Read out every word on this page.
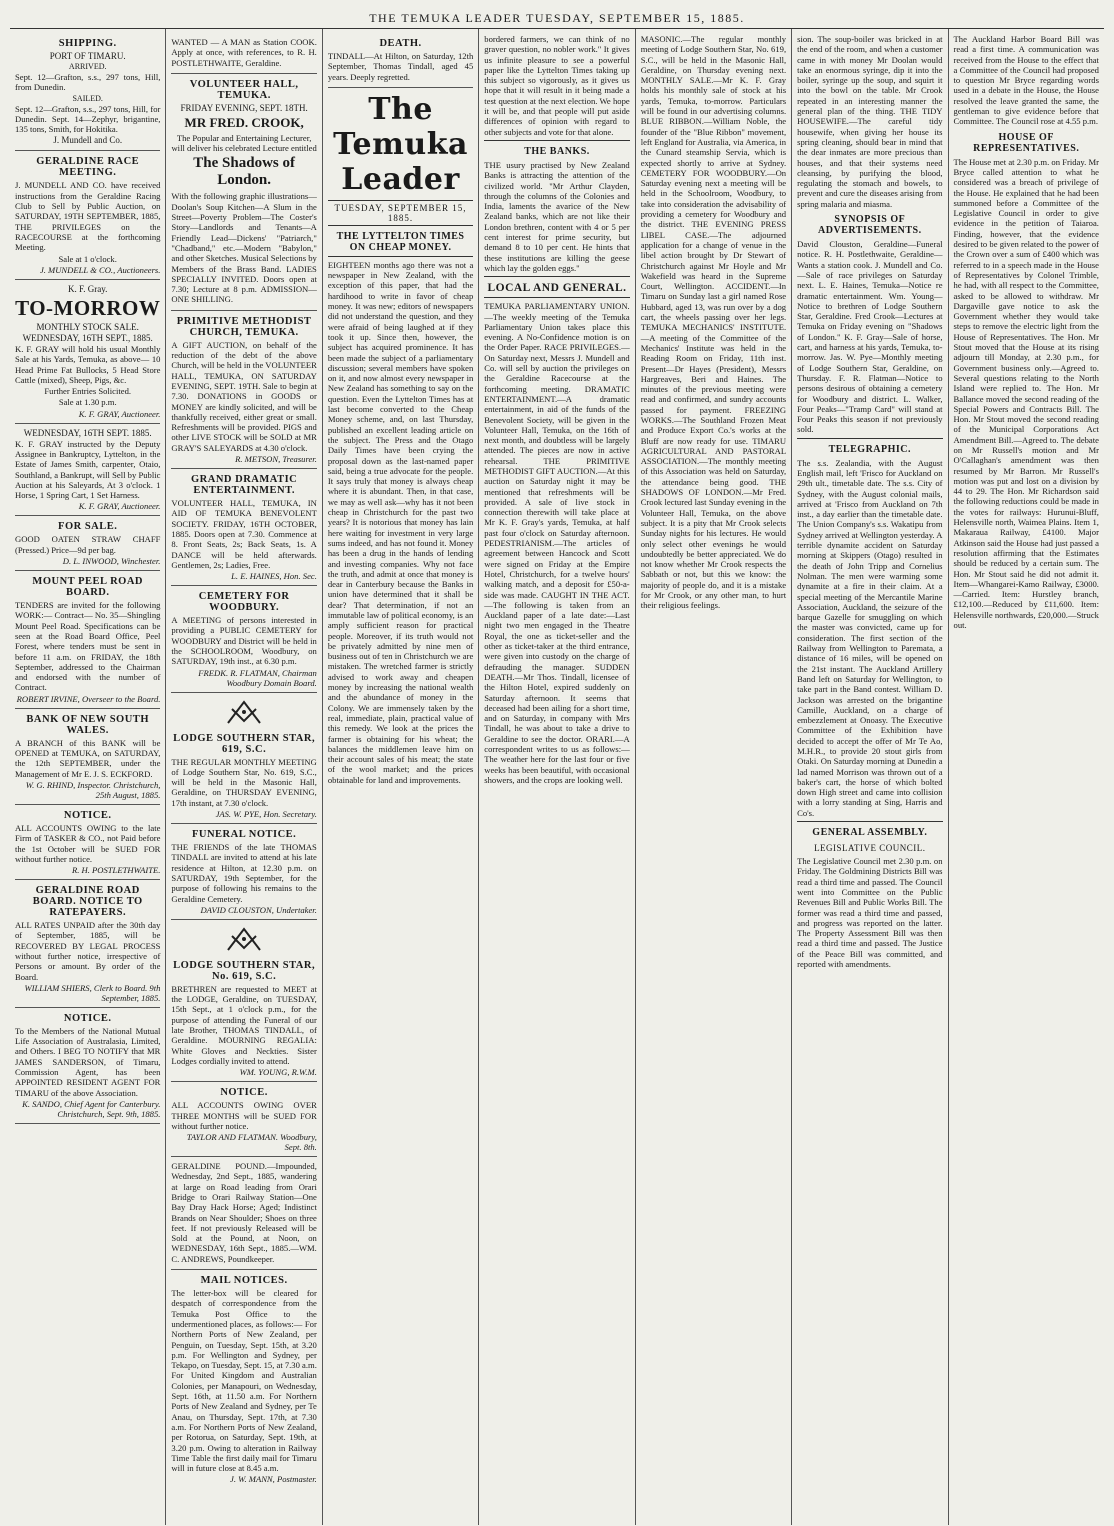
THE TEMUKA LEADER TUESDAY, SEPTEMBER 15, 1885.
SHIPPING.
PORT OF TIMARU.
ARRIVED.

Sept. 12—Grafton, s.s., 297 tons, Hill, from Dunedin.

SAILED.

Sept. 12—Grafton, s.s., 297 tons, Hill, for Dunedin. Sept. 14—Zephyr, brigantine, 135 tons, Smith, for Hokitika.

J. Mundell and Co.
GERALDINE RACE MEETING.

J. MUNDELL AND CO. have received instructions from the Geraldine Racing Club to Sell by Public Auction, on SATURDAY, 19TH SEPTEMBER, 1885, THE PRIVILEGES on the RACECOURSE at the forthcoming Meeting.

Sale at 1 o'clock.

J. MUNDELL & CO., Auctioneers.
K. F. Gray.
TO-MORROW
MONTHLY STOCK SALE.
WEDNESDAY, 16TH SEPT., 1885.

K. F. GRAY will hold his usual Monthly Sale at his Yards, Temuka, as above— 10 Head Prime Fat Bullocks, 5 Head Store Cattle (mixed), Sheep, Pigs, &c.

Further Entries Solicited.

Sale at 1.30 p.m.

K. F. GRAY, Auctioneer.
WEDNESDAY, 16TH SEPT. 1885.

K. F. GRAY instructed by the Deputy Assignee in Bankruptcy, Lyttelton, in the Estate of James Smith, carpenter, Otaio, Southland, a Bankrupt, will Sell by Public Auction at his Saleyards, At 3 o'clock. 1 Horse, 1 Spring Cart, 1 Set Harness.

K. F. GRAY, Auctioneer.
FOR SALE.

GOOD OATEN STRAW CHAFF (Pressed.) Price—9d per bag.

D. L. INWOOD, Winchester.
MOUNT PEEL ROAD BOARD.

TENDERS are invited for the following WORK:— Contract— No. 35—Shingling Mount Peel Road. Specifications can be seen at the Road Board Office, Peel Forest, where tenders must be sent in before 11 a.m. on FRIDAY, the 18th September, addressed to the Chairman and endorsed with the number of Contract.

ROBERT IRVINE, Overseer to the Board.
BANK OF NEW SOUTH WALES.

A BRANCH of this BANK will be OPENED at TEMUKA, on SATURDAY, the 12th SEPTEMBER, under the Management of Mr E. J. S. ECKFORD.

W. G. RHIND, Inspector. Christchurch, 25th August, 1885.
NOTICE.

ALL ACCOUNTS OWING to the late Firm of TASKER & CO., not Paid before the 1st October will be SUED FOR without further notice.

R. H. POSTLETHWAITE.
GERALDINE ROAD BOARD. NOTICE TO RATEPAYERS.

ALL RATES UNPAID after the 30th day of September, 1885, will be RECOVERED BY LEGAL PROCESS without further notice, irrespective of Persons or amount. By order of the Board.

WILLIAM SHIERS, Clerk to Board. 9th September, 1885.
NOTICE.

To the Members of the National Mutual Life Association of Australasia, Limited, and Others. I BEG TO NOTIFY that MR JAMES SANDERSON, of Timaru, Commission Agent, has been APPOINTED RESIDENT AGENT FOR TIMARU of the above Association.

K. SANDO, Chief Agent for Canterbury. Christchurch, Sept. 9th, 1885.

WANTED — A MAN as Station COOK. Apply at once, with references, to R. H. POSTLETHWAITE, Geraldine.

VOLUNTEER HALL, TEMUKA.
FRIDAY EVENING, SEPT. 18TH.
MR FRED. CROOK,

The Popular and Entertaining Lecturer, will deliver his celebrated Lecture entitled

The Shadows of London.

With the following graphic illustrations— Doolan's Soup Kitchen—A Slum in the Street—Poverty Problem—The Coster's Story—Landlords and Tenants—A Friendly Lead—Dickens' "Patriarch," "Chadband," etc.—Modern "Babylon," and other Sketches. Musical Selections by Members of the Brass Band. LADIES SPECIALLY INVITED. Doors open at 7.30; Lecture at 8 p.m. ADMISSION—ONE SHILLING.

PRIMITIVE METHODIST CHURCH, TEMUKA.

A GIFT AUCTION, on behalf of the reduction of the debt of the above Church, will be held in the VOLUNTEER HALL, TEMUKA, ON SATURDAY EVENING, SEPT. 19TH. Sale to begin at 7.30. DONATIONS in GOODS or MONEY are kindly solicited, and will be thankfully received, either great or small. Refreshments will be provided. PIGS and other LIVE STOCK will be SOLD at MR GRAY'S SALEYARDS at 4.30 o'clock.

R. METSON, Treasurer.
GRAND DRAMATIC ENTERTAINMENT.

VOLUNTEER HALL, TEMUKA, IN AID OF TEMUKA BENEVOLENT SOCIETY. FRIDAY, 16TH OCTOBER, 1885. Doors open at 7.30. Commence at 8. Front Seats, 2s; Back Seats, 1s. A DANCE will be held afterwards. Gentlemen, 2s; Ladies, Free.

L. E. HAINES, Hon. Sec.
CEMETERY FOR WOODBURY.

A MEETING of persons interested in providing a PUBLIC CEMETERY for WOODBURY and District will be held in the SCHOOLROOM, Woodbury, on SATURDAY, 19th inst., at 6.30 p.m.

FREDK. R. FLATMAN, Chairman Woodbury Domain Board.
LODGE SOUTHERN STAR, 619, S.C.

THE REGULAR MONTHLY MEETING of Lodge Southern Star, No. 619, S.C., will be held in the Masonic Hall, Geraldine, on THURSDAY EVENING, 17th instant, at 7.30 o'clock.

JAS. W. PYE, Hon. Secretary.
FUNERAL NOTICE.

THE FRIENDS of the late THOMAS TINDALL are invited to attend at his late residence at Hilton, at 12.30 p.m. on SATURDAY, 19th September, for the purpose of following his remains to the Geraldine Cemetery.

DAVID CLOUSTON, Undertaker.
LODGE SOUTHERN STAR, No. 619, S.C.

BRETHREN are requested to MEET at the LODGE, Geraldine, on TUESDAY, 15th Sept., at 1 o'clock p.m., for the purpose of attending the Funeral of our late Brother, THOMAS TINDALL, of Geraldine. MOURNING REGALIA: White Gloves and Neckties. Sister Lodges cordially invited to attend.

WM. YOUNG, R.W.M.
NOTICE.

ALL ACCOUNTS OWING OVER THREE MONTHS will be SUED FOR without further notice.

TAYLOR AND FLATMAN. Woodbury, Sept. 8th.

GERALDINE POUND.—Impounded, Wednesday, 2nd Sept., 1885, wandering at large on Road leading from Orari Bridge to Orari Railway Station—One Bay Dray Hack Horse; Aged; Indistinct Brands on Near Shoulder; Shoes on three feet. If not previously Released will be Sold at the Pound, at Noon, on WEDNESDAY, 16th Sept., 1885.—WM. C. ANDREWS, Poundkeeper.

MAIL NOTICES.

The letter-box will be cleared for despatch of correspondence from the Temuka Post Office to the undermentioned places, as follows:— For Northern Ports of New Zealand, per Penguin, on Tuesday, Sept. 15th, at 3.20 p.m. For Wellington and Sydney, per Tekapo, on Tuesday, Sept. 15, at 7.30 a.m. For United Kingdom and Australian Colonies, per Manapouri, on Wednesday, Sept. 16th, at 11.50 a.m. For Northern Ports of New Zealand and Sydney, per Te Anau, on Thursday, Sept. 17th, at 7.30 a.m. For Northern Ports of New Zealand, per Rotorua, on Saturday, Sept. 19th, at 3.20 p.m. Owing to alteration in Railway Time Table the first daily mail for Timaru will in future close at 8.45 a.m.

J. W. MANN, Postmaster.
DEATH.

TINDALL—At Hilton, on Saturday, 12th September, Thomas Tindall, aged 45 years. Deeply regretted.

The Temuka Leader
TUESDAY, SEPTEMBER 15, 1885.
THE LYTTELTON TIMES ON CHEAP MONEY.

EIGHTEEN months ago there was not a newspaper in New Zealand, with the exception of this paper, that had the hardihood to write in favor of cheap money. It was new; editors of newspapers did not understand the question, and they were afraid of being laughed at if they took it up. Since then, however, the subject has acquired prominence. It has been made the subject of a parliamentary discussion; several members have spoken on it, and now almost every newspaper in New Zealand has something to say on the question. Even the Lyttelton Times has at last become converted to the Cheap Money scheme, and, on last Thursday, published an excellent leading article on the subject. The Press and the Otago Daily Times have been crying the proposal down as the last-named paper said, being a true advocate for the people. It says truly that money is always cheap where it is abundant. Then, in that case, we may as well ask—why has it not been cheap in Christchurch for the past two years? It is notorious that money has lain here waiting for investment in very large sums indeed, and has not found it. Money has been a drug in the hands of lending and investing companies. Why not face the truth, and admit at once that money is dear in Canterbury because the Banks in union have determined that it shall be dear? That determination, if not an immutable law of political economy, is an amply sufficient reason for practical people. Moreover, if its truth would not be privately admitted by nine men of business out of ten in Christchurch we are mistaken. The wretched farmer is strictly advised to work away and cheapen money by increasing the national wealth and the abundance of money in the Colony. We are immensely taken by the real, immediate, plain, practical value of this remedy. We look at the prices the farmer is obtaining for his wheat; the balances the middlemen leave him on their account sales of his meat; the state of the wool market; and the prices obtainable for land and improvements.

bordered farmers, we can think of no graver question, no nobler work." It gives us infinite pleasure to see a powerful paper like the Lyttelton Times taking up this subject so vigorously, as it gives us hope that it will result in it being made a test question at the next election. We hope it will be, and that people will put aside differences of opinion with regard to other subjects and vote for that alone.

THE BANKS.

THE usury practised by New Zealand Banks is attracting the attention of the civilized world. "Mr Arthur Clayden, through the columns of the Colonies and India, laments the avarice of the New Zealand banks, which are not like their London brethren, content with 4 or 5 per cent interest for prime security, but demand 8 to 10 per cent. He hints that these institutions are killing the geese which lay the golden eggs."

LOCAL AND GENERAL.

TEMUKA PARLIAMENTARY UNION.—The weekly meeting of the Temuka Parliamentary Union takes place this evening. A No-Confidence motion is on the Order Paper. RACE PRIVILEGES.—On Saturday next, Messrs J. Mundell and Co. will sell by auction the privileges on the Geraldine Racecourse at the forthcoming meeting. DRAMATIC ENTERTAINMENT.—A dramatic entertainment, in aid of the funds of the Benevolent Society, will be given in the Volunteer Hall, Temuka, on the 16th of next month, and doubtless will be largely attended. The pieces are now in active rehearsal. THE PRIMITIVE METHODIST GIFT AUCTION.—At this auction on Saturday night it may be mentioned that refreshments will be provided. A sale of live stock in connection therewith will take place at Mr K. F. Gray's yards, Temuka, at half past four o'clock on Saturday afternoon. PEDESTRIANISM.—The articles of agreement between Hancock and Scott were signed on Friday at the Empire Hotel, Christchurch, for a twelve hours' walking match, and a deposit for £50-a-side was made. CAUGHT IN THE ACT.—The following is taken from an Auckland paper of a late date:—Last night two men engaged in the Theatre Royal, the one as ticket-seller and the other as ticket-taker at the third entrance, were given into custody on the charge of defrauding the manager. SUDDEN DEATH.—Mr Thos. Tindall, licensee of the Hilton Hotel, expired suddenly on Saturday afternoon. It seems that deceased had been ailing for a short time, and on Saturday, in company with Mrs Tindall, he was about to take a drive to Geraldine to see the doctor. ORARI.—A correspondent writes to us as follows:—The weather here for the last four or five weeks has been beautiful, with occasional showers, and the crops are looking well.

MASONIC.—The regular monthly meeting of Lodge Southern Star, No. 619, S.C., will be held in the Masonic Hall, Geraldine, on Thursday evening next. MONTHLY SALE.—Mr K. F. Gray holds his monthly sale of stock at his yards, Temuka, to-morrow. Particulars will be found in our advertising columns. BLUE RIBBON.—William Noble, the founder of the "Blue Ribbon" movement, left England for Australia, via America, in the Cunard steamship Servia, which is expected shortly to arrive at Sydney. CEMETERY FOR WOODBURY.—On Saturday evening next a meeting will be held in the Schoolroom, Woodbury, to take into consideration the advisability of providing a cemetery for Woodbury and the district. THE EVENING PRESS LIBEL CASE.—The adjourned application for a change of venue in the libel action brought by Dr Stewart of Christchurch against Mr Hoyle and Mr Wakefield was heard in the Supreme Court, Wellington. ACCIDENT.—In Timaru on Sunday last a girl named Rose Hubbard, aged 13, was run over by a dog cart, the wheels passing over her legs. TEMUKA MECHANICS' INSTITUTE.—A meeting of the Committee of the Mechanics' Institute was held in the Reading Room on Friday, 11th inst. Present—Dr Hayes (President), Messrs Hargreaves, Beri and Haines. The minutes of the previous meeting were read and confirmed, and sundry accounts passed for payment. FREEZING WORKS.—The Southland Frozen Meat and Produce Export Co.'s works at the Bluff are now ready for use. TIMARU AGRICULTURAL AND PASTORAL ASSOCIATION.—The monthly meeting of this Association was held on Saturday, the attendance being good. THE SHADOWS OF LONDON.—Mr Fred. Crook lectured last Sunday evening in the Volunteer Hall, Temuka, on the above subject. It is a pity that Mr Crook selects Sunday nights for his lectures. He would only select other evenings he would undoubtedly be better appreciated. We do not know whether Mr Crook respects the Sabbath or not, but this we know: the majority of people do, and it is a mistake for Mr Crook, or any other man, to hurt their religious feelings.

sion. The soup-boiler was bricked in at the end of the room, and when a customer came in with money Mr Doolan would take an enormous syringe, dip it into the boiler, syringe up the soup, and squirt it into the bowl on the table. Mr Crook repeated in an interesting manner the general plan of the thing. THE TIDY HOUSEWIFE.—The careful tidy housewife, when giving her house its spring cleaning, should bear in mind that the dear inmates are more precious than houses, and that their systems need cleansing, by purifying the blood, regulating the stomach and bowels, to prevent and cure the diseases arising from spring malaria and miasma.

SYNOPSIS OF ADVERTISEMENTS.

David Clouston, Geraldine—Funeral notice. R. H. Postlethwaite, Geraldine—Wants a station cook. J. Mundell and Co.—Sale of race privileges on Saturday next. L. E. Haines, Temuka—Notice re dramatic entertainment. Wm. Young—Notice to brethren of Lodge Southern Star, Geraldine. Fred Crook—Lectures at Temuka on Friday evening on "Shadows of London." K. F. Gray—Sale of horse, cart, and harness at his yards, Temuka, to-morrow. Jas. W. Pye—Monthly meeting of Lodge Southern Star, Geraldine, on Thursday. F. R. Flatman—Notice to persons desirous of obtaining a cemetery for Woodbury and district. L. Walker, Four Peaks—"Tramp Card" will stand at Four Peaks this season if not previously sold.

TELEGRAPHIC.

The s.s. Zealandia, with the August English mail, left 'Frisco for Auckland on 29th ult., timetable date. The s.s. City of Sydney, with the August colonial mails, arrived at 'Frisco from Auckland on 7th inst., a day earlier than the timetable date. The Union Company's s.s. Wakatipu from Sydney arrived at Wellington yesterday. A terrible dynamite accident on Saturday morning at Skippers (Otago) resulted in the death of John Tripp and Cornelius Nolman. The men were warming some dynamite at a fire in their claim. At a special meeting of the Mercantile Marine Association, Auckland, the seizure of the barque Gazelle for smuggling on which the master was convicted, came up for consideration. The first section of the Railway from Wellington to Paremata, a distance of 16 miles, will be opened on the 21st instant. The Auckland Artillery Band left on Saturday for Wellington, to take part in the Band contest. William D. Jackson was arrested on the brigantine Camille, Auckland, on a charge of embezzlement at Onoasy. The Executive Committee of the Exhibition have decided to accept the offer of Mr Te Ao, M.H.R., to provide 20 stout girls from Otaki. On Saturday morning at Dunedin a lad named Morrison was thrown out of a baker's cart, the horse of which bolted down High street and came into collision with a lorry standing at Sing, Harris and Co's.

GENERAL ASSEMBLY.
LEGISLATIVE COUNCIL.

The Legislative Council met 2.30 p.m. on Friday. The Goldmining Districts Bill was read a third time and passed. The Council went into Committee on the Public Revenues Bill and Public Works Bill. The former was read a third time and passed, and progress was reported on the latter. The Property Assessment Bill was then read a third time and passed. The Justice of the Peace Bill was committed, and reported with amendments.

The Auckland Harbor Board Bill was read a first time. A communication was received from the House to the effect that a Committee of the Council had proposed to question Mr Bryce regarding words used in a debate in the House, the House resolved the leave granted the same, the gentleman to give evidence before that Committee. The Council rose at 4.55 p.m.

HOUSE OF REPRESENTATIVES.

The House met at 2.30 p.m. on Friday. Mr Bryce called attention to what he considered was a breach of privilege of the House. He explained that he had been summoned before a Committee of the Legislative Council in order to give evidence in the petition of Taiaroa. Finding, however, that the evidence desired to be given related to the power of the Crown over a sum of £400 which was referred to in a speech made in the House of Representatives by Colonel Trimble, he had, with all respect to the Committee, asked to be allowed to withdraw. Mr Dargaville gave notice to ask the Government whether they would take steps to remove the electric light from the House of Representatives. The Hon. Mr Stout moved that the House at its rising adjourn till Monday, at 2.30 p.m., for Government business only.—Agreed to. Several questions relating to the North Island were replied to. The Hon. Mr Ballance moved the second reading of the Special Powers and Contracts Bill. The Hon. Mr Stout moved the second reading of the Municipal Corporations Act Amendment Bill.—Agreed to. The debate on Mr Russell's motion and Mr O'Callaghan's amendment was then resumed by Mr Barron. Mr Russell's motion was put and lost on a division by 44 to 29. The Hon. Mr Richardson said the following reductions could be made in the votes for railways: Hurunui-Bluff, Helensville north, Waimea Plains. Item 1, Makaraua Railway, £4100. Major Atkinson said the House had just passed a resolution affirming that the Estimates should be reduced by a certain sum. The Hon. Mr Stout said he did not admit it. Item—Whangarei-Kamo Railway, £3000.—Carried. Item: Hurstley branch, £12,100.—Reduced by £11,600. Item: Helensville northwards, £20,000.—Struck out.
